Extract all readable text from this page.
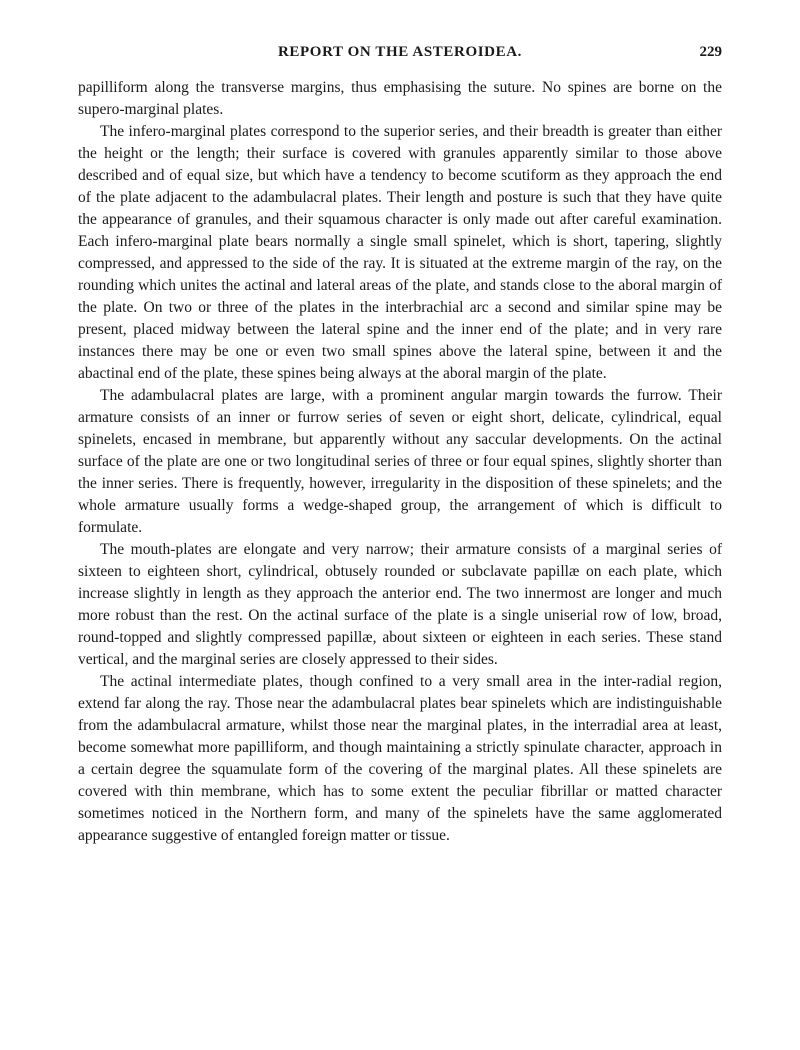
REPORT ON THE ASTEROIDEA.	229

papilliform along the transverse margins, thus emphasising the suture. No spines are borne on the supero-marginal plates.

The infero-marginal plates correspond to the superior series, and their breadth is greater than either the height or the length; their surface is covered with granules apparently similar to those above described and of equal size, but which have a tendency to become scutiform as they approach the end of the plate adjacent to the adambulacral plates. Their length and posture is such that they have quite the appearance of granules, and their squamous character is only made out after careful examination. Each infero-marginal plate bears normally a single small spinelet, which is short, tapering, slightly compressed, and appressed to the side of the ray. It is situated at the extreme margin of the ray, on the rounding which unites the actinal and lateral areas of the plate, and stands close to the aboral margin of the plate. On two or three of the plates in the interbrachial arc a second and similar spine may be present, placed midway between the lateral spine and the inner end of the plate; and in very rare instances there may be one or even two small spines above the lateral spine, between it and the abactinal end of the plate, these spines being always at the aboral margin of the plate.

The adambulacral plates are large, with a prominent angular margin towards the furrow. Their armature consists of an inner or furrow series of seven or eight short, delicate, cylindrical, equal spinelets, encased in membrane, but apparently without any saccular developments. On the actinal surface of the plate are one or two longitudinal series of three or four equal spines, slightly shorter than the inner series. There is frequently, however, irregularity in the disposition of these spinelets; and the whole armature usually forms a wedge-shaped group, the arrangement of which is difficult to formulate.

The mouth-plates are elongate and very narrow; their armature consists of a marginal series of sixteen to eighteen short, cylindrical, obtusely rounded or subclavate papillæ on each plate, which increase slightly in length as they approach the anterior end. The two innermost are longer and much more robust than the rest. On the actinal surface of the plate is a single uniserial row of low, broad, round-topped and slightly compressed papillæ, about sixteen or eighteen in each series. These stand vertical, and the marginal series are closely appressed to their sides.

The actinal intermediate plates, though confined to a very small area in the inter-radial region, extend far along the ray. Those near the adambulacral plates bear spinelets which are indistinguishable from the adambulacral armature, whilst those near the marginal plates, in the interradial area at least, become somewhat more papilliform, and though maintaining a strictly spinulate character, approach in a certain degree the squamulate form of the covering of the marginal plates. All these spinelets are covered with thin membrane, which has to some extent the peculiar fibrillar or matted character sometimes noticed in the Northern form, and many of the spinelets have the same agglomerated appearance suggestive of entangled foreign matter or tissue.
